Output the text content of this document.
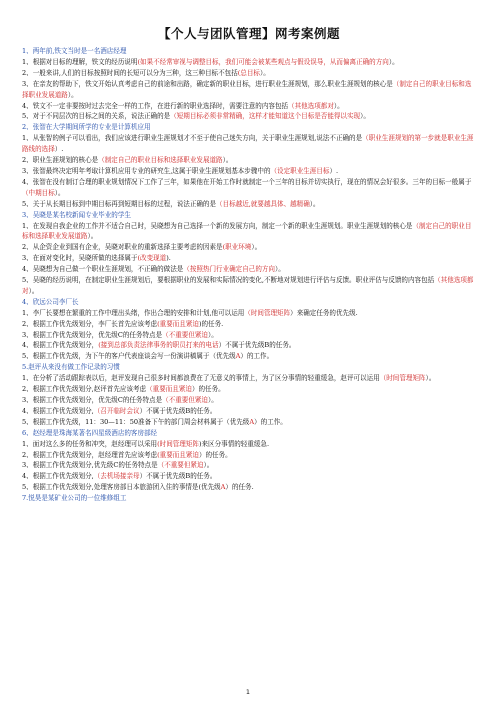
【个人与团队管理】网考案例题

1、两年前,铁文当时是一名酒店经理

1、根据对目标的理解，铁文的经历说明(如果不经常审视与调整目标，我们可能会被某些观点与假设误导，从而偏离正确的方向）。

2、一般来讲,人们的目标按照时间的长短可以分为三种，这三种目标不包括(总目标）。

3、在亲友的帮助下，铁文开始认真考虑自己的前途和出路，确定新的职业目标，进行职业生涯规划，那么职业生涯规划的核心是（制定自己的职业目标和选择职业发展道路）。

4、铁文不一定非要按时过去完全一样的工作，在进行新的职业选择时，需要注意的内容包括（其他选项都对）。

5、对于不同层次的目标之间的关系，说法正确的是（短期目标必须非常精确，这样才能知道这个目标是否能得以实现）。

2、张智在大学期间所学的专业是计算机应用

1、从张智的例子可以看出，我们应该进行职业生涯规划才不至于使自己迷失方向，关于职业生涯规划,说法不正确的是（职业生涯规划的第一步就是职业生涯路线的选择）.

2、职业生涯规划的核心是（制定自己的职业目标和选择职业发展道路）。

3、张智最终决定明年考取计算机应用专业的研究生,这属于职业生涯规划基本步骤中的（设定职业生涯目标）.

4、张智在没有制订合理的职业规划情况下工作了三年，如果他在开始工作时就制定一个三年的目标并切实执行，现在的情况会好很多。三年的目标一般属于（中期目标）。

5、关于从长期目标到中期目标再到短期目标的过程，说法正确的是（目标越近,就要越具体、越精确）。

3、吴晓是某名校新闻专业毕业的学生

1、在发现自我企业的工作并不适合自己时，吴晓想为自己选择一个新的发展方向，制定一个新的职业生涯规划。职业生涯规划的核心是（制定自己的职业目标和选择职业发展道路）。

2、从企资企业到国有企业，吴晓对职业的重新选择主要考虑的因素是(职业环境）。

3、在面对变化时，吴晓所做的选择属于(改变现道).

4、吴晓想为自己做一个职业生涯规划，不正确的做法是（按照热门行业确定自己的方向）。

5、吴晓的经历说明，在制定职业生涯规划后，要根据职业的发展和实际情况的变化,不断地对规划进行评估与反馈。职业评估与反馈的内容包括（其他选项都对）。

4、欣远公司李厂长

1、李厂长要想在繁重的工作中理出头绪，作出合理的安排和计划,他可以运用（时间管理矩阵）来确定任务的优先级.

2、根据工作优先级划分，李厂长首先应该考虑(重要而且紧迫)的任务.

3、根据工作优先级划分，优先级C的任务特点是（不重要但紧迫）。

4、根据工作优先级划分，(接到总部负责法律事务的职员打来的电话）不属于优先级B的任务。

5、根据工作优先级，为下午的客户代表座谈会写一份演讲稿属于（优先级A）的工作。

5.赵评从来没有做工作记录的习惯

1、在分析了活动跟踪表以后，赵评发现自己很多时间都浪费在了无意义的事情上，为了区分事情的轻重缓急，赵评可以运用（时间管理矩阵）。

2、根据工作优先级划分,赵评首先应该考虑（重要而且紧迫）的任务。

3、根据工作优先级划分，优先级C的任务特点是（不重要但紧迫）。

4、根据工作优先级划分,（召开临时会议）不属于优先级B的任务。

5、根据工作优先级，11：30—11：50准备下午的部门周会材料属于（优先级A）的工作。

6、赵经理是珠海某著名四星级酒店的客房部经

1、面对这么多的任务和冲突，赵经理可以采用(时间管理矩阵)来区分事情的轻重缓急.

2、根据工作优先级划分，赵经理首先应该考虑(重要而且紧迫）的任务。

3、根据工作优先级划分,优先级C的任务特点是（不重要但紧迫）。

4、根据工作优先级划分,（去机场接亲母）不属于优先级B的任务。

5、根据工作优先级划分,处理客房部日本旅游团入住的事情是(优先级A）的任务.

7.悦昊是某矿业公司的一位维修组工

1
